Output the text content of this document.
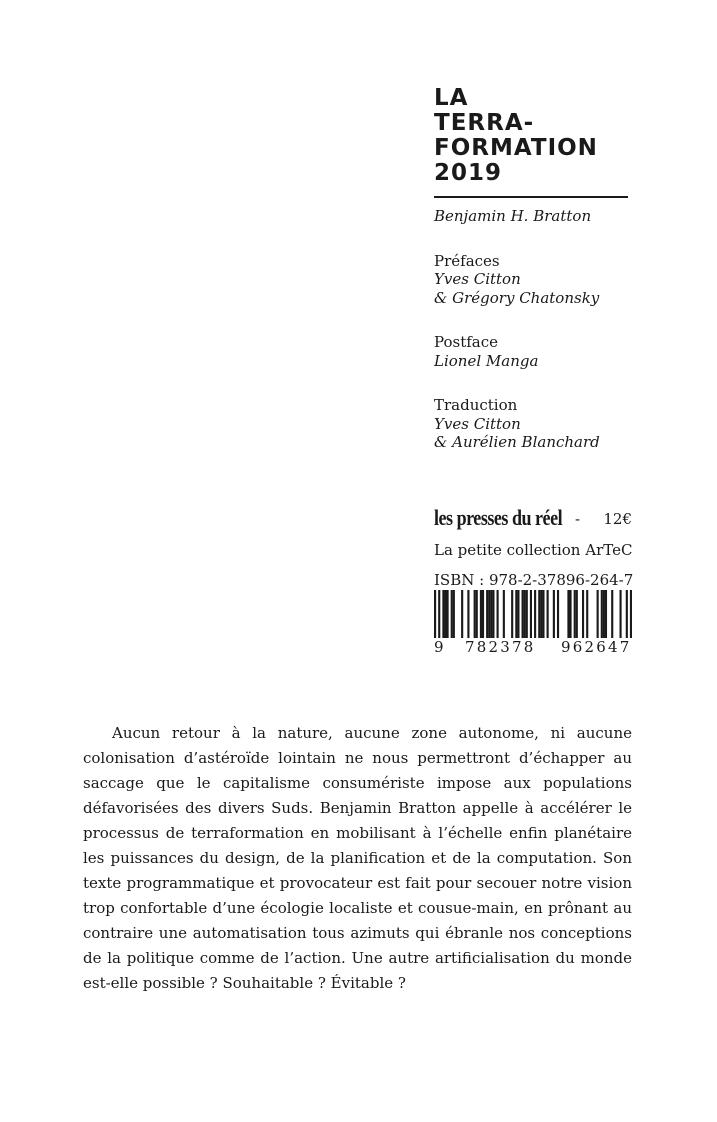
LA
TERRA-
FORMATION
2019
Benjamin H. Bratton
Préfaces
Yves Citton
& Grégory Chatonsky
Postface
Lionel Manga
Traduction
Yves Citton
& Aurélien Blanchard
les presses du réel - 12€
La petite collection ArTeC
ISBN : 978-2-37896-264-7
9 782378 962647

Aucun retour à la nature, aucune zone autonome, ni aucune colonisation d’astéroïde lointain ne nous permettront d’échapper au saccage que le capitalisme consumériste impose aux populations défavorisées des divers Suds. Benjamin Bratton appelle à accélérer le processus de terraformation en mobilisant à l’échelle enfin planétaire les puissances du design, de la planification et de la computation. Son texte programmatique et provocateur est fait pour secouer notre vision trop confortable d’une écologie localiste et cousue-main, en prônant au contraire une automatisation tous azimuts qui ébranle nos conceptions de la politique comme de l’action. Une autre artificialisation du monde est-elle possible ? Souhaitable ? Évitable ?
